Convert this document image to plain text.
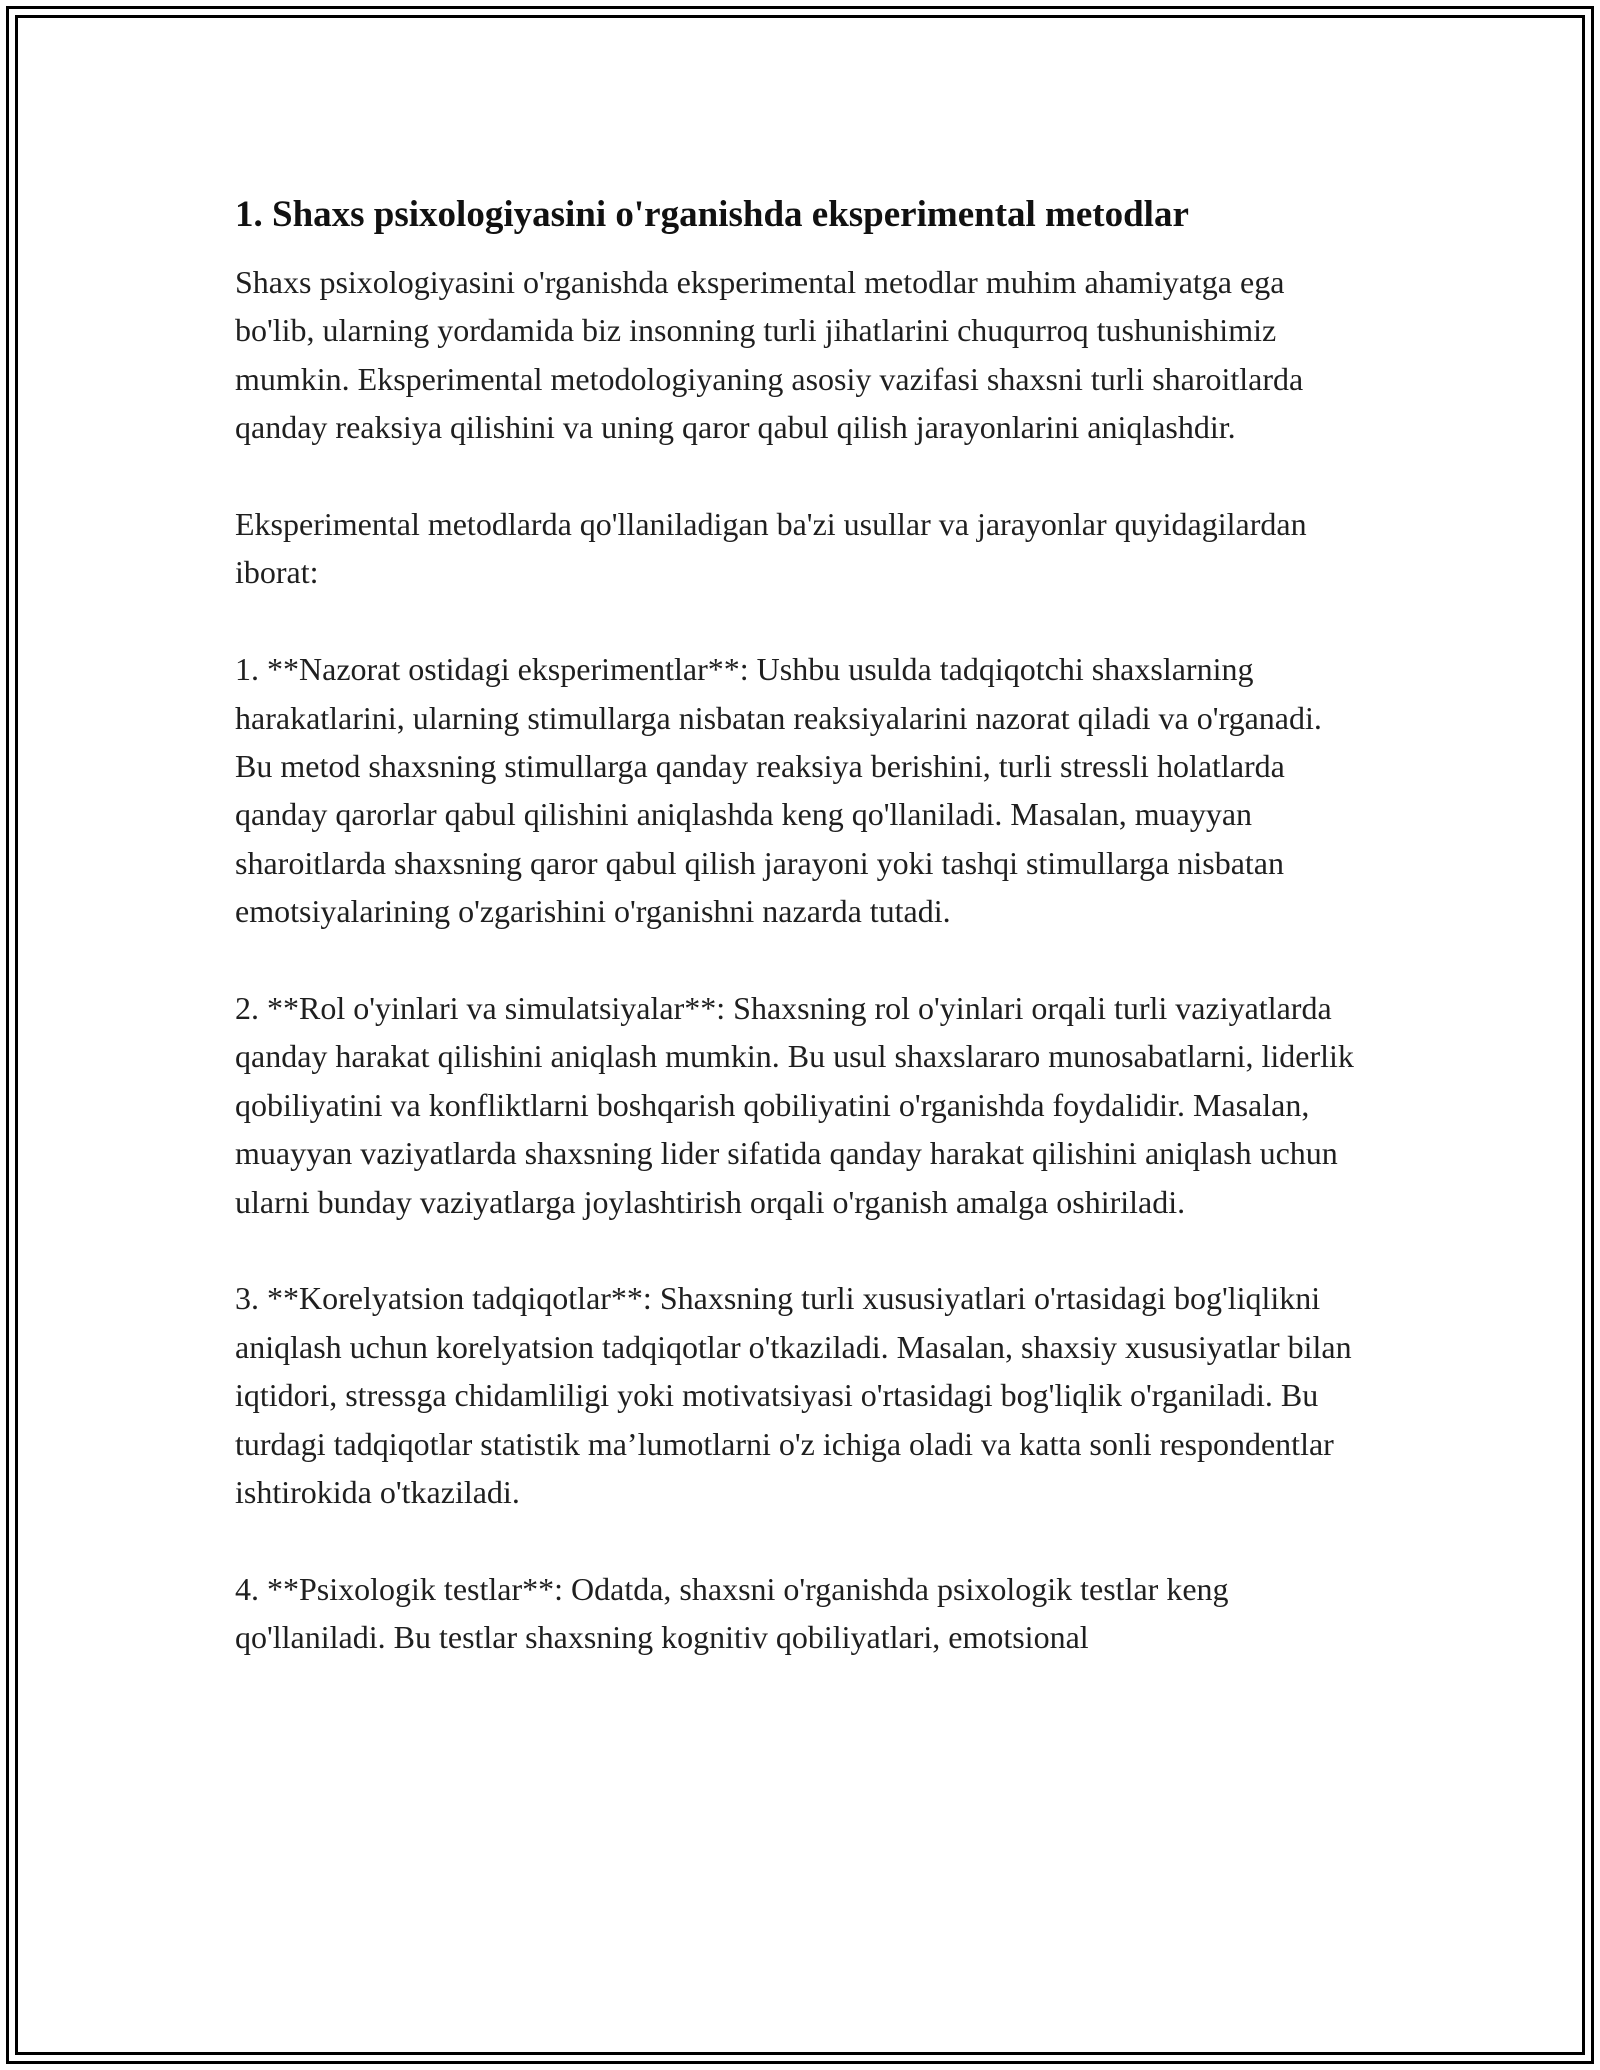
1. Shaxs psixologiyasini o'rganishda eksperimental metodlar

Shaxs psixologiyasini o'rganishda eksperimental metodlar muhim ahamiyatga ega bo'lib, ularning yordamida biz insonning turli jihatlarini chuqurroq tushunishimiz mumkin. Eksperimental metodologiyaning asosiy vazifasi shaxsni turli sharoitlarda qanday reaksiya qilishini va uning qaror qabul qilish jarayonlarini aniqlashdir.

Eksperimental metodlarda qo'llaniladigan ba'zi usullar va jarayonlar quyidagilardan iborat:

1. **Nazorat ostidagi eksperimentlar**: Ushbu usulda tadqiqotchi shaxslarning harakatlarini, ularning stimullarga nisbatan reaksiyalarini nazorat qiladi va o'rganadi. Bu metod shaxsning stimullarga qanday reaksiya berishini, turli stressli holatlarda qanday qarorlar qabul qilishini aniqlashda keng qo'llaniladi. Masalan, muayyan sharoitlarda shaxsning qaror qabul qilish jarayoni yoki tashqi stimullarga nisbatan emotsiyalarining o'zgarishini o'rganishni nazarda tutadi.

2. **Rol o'yinlari va simulatsiyalar**: Shaxsning rol o'yinlari orqali turli vaziyatlarda qanday harakat qilishini aniqlash mumkin. Bu usul shaxslararo munosabatlarni, liderlik qobiliyatini va konfliktlarni boshqarish qobiliyatini o'rganishda foydalidir. Masalan, muayyan vaziyatlarda shaxsning lider sifatida qanday harakat qilishini aniqlash uchun ularni bunday vaziyatlarga joylashtirish orqali o'rganish amalga oshiriladi.

3. **Korelyatsion tadqiqotlar**: Shaxsning turli xususiyatlari o'rtasidagi bog'liqlikni aniqlash uchun korelyatsion tadqiqotlar o'tkaziladi. Masalan, shaxsiy xususiyatlar bilan iqtidori, stressga chidamliligi yoki motivatsiyasi o'rtasidagi bog'liqlik o'rganiladi. Bu turdagi tadqiqotlar statistik ma’lumotlarni o'z ichiga oladi va katta sonli respondentlar ishtirokida o'tkaziladi.

4. **Psixologik testlar**: Odatda, shaxsni o'rganishda psixologik testlar keng qo'llaniladi. Bu testlar shaxsning kognitiv qobiliyatlari, emotsional
